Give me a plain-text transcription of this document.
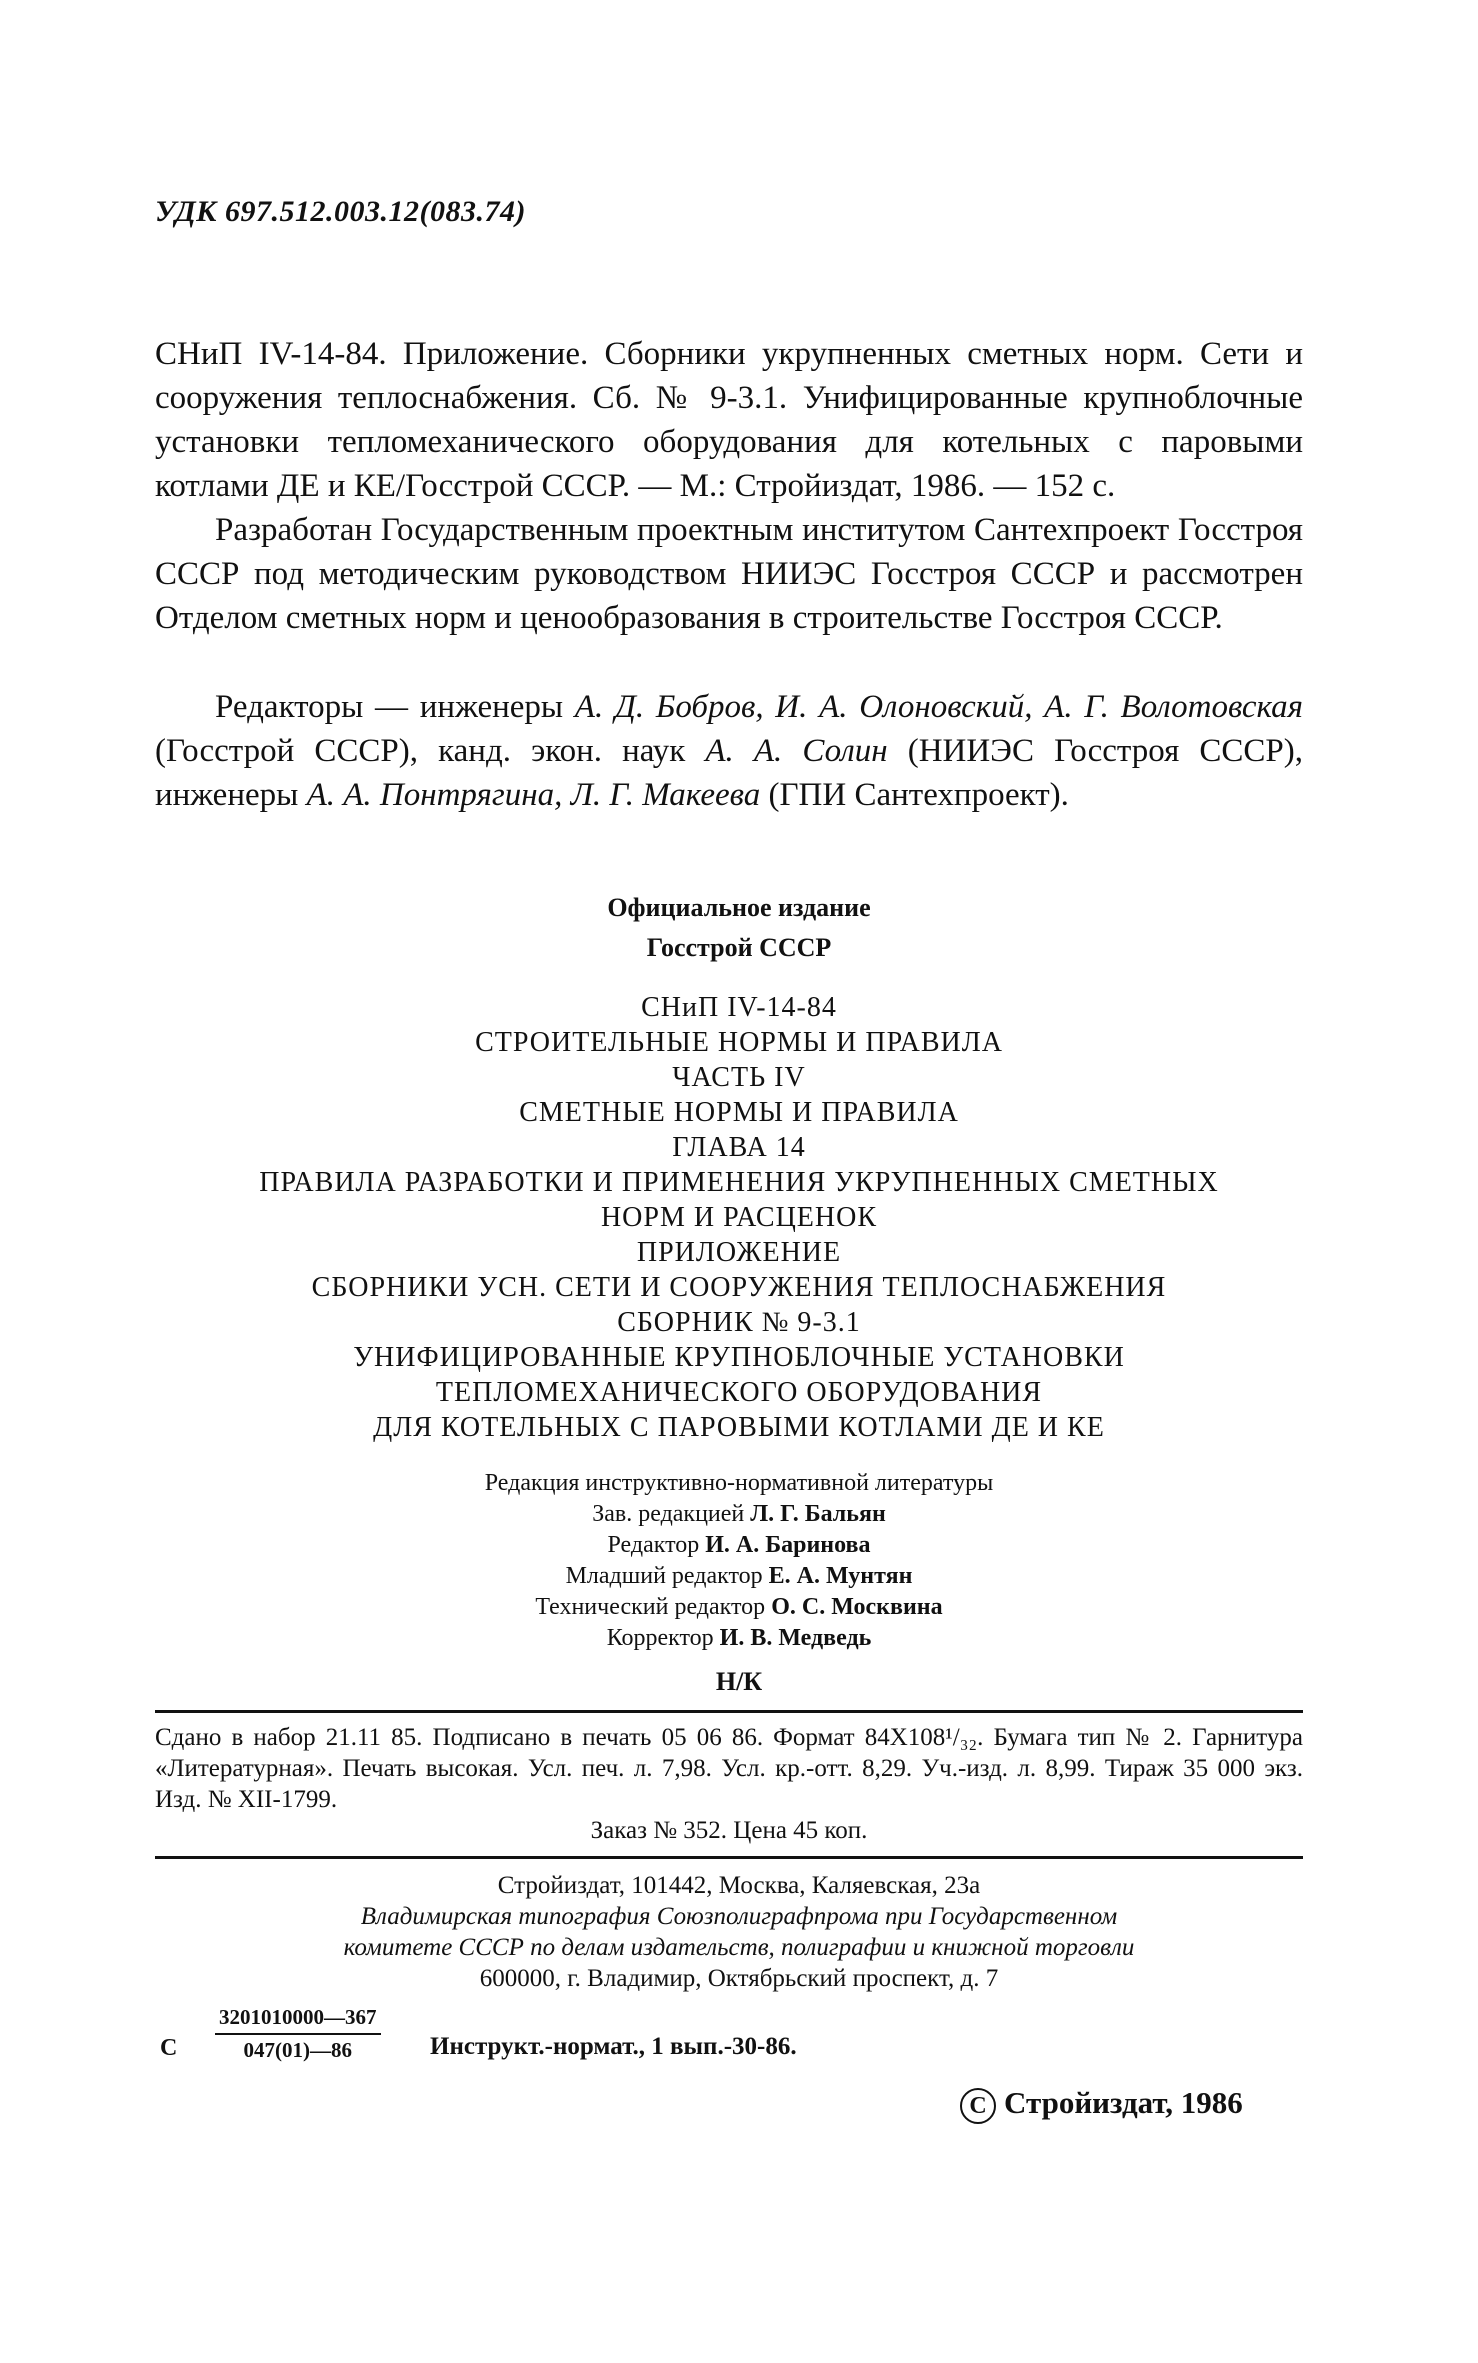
УДК 697.512.003.12(083.74)

СНиП IV-14-84. Приложение. Сборники укрупненных сметных норм. Сети и сооружения теплоснабжения. Сб. № 9-3.1. Унифицированные крупноблочные установки тепломеханического оборудования для котельных с паровыми котлами ДЕ и КЕ/Госстрой СССР. — М.: Стройиздат, 1986. — 152 с.

Разработан Государственным проектным институтом Сантехпроект Госстроя СССР под методическим руководством НИИЭС Госстроя СССР и рассмотрен Отделом сметных норм и ценообразования в строительстве Госстроя СССР.

Редакторы — инженеры А. Д. Бобров, И. А. Олоновский, А. Г. Волотовская (Госстрой СССР), канд. экон. наук А. А. Солин (НИИЭС Госстроя СССР), инженеры А. А. Понтрягина, Л. Г. Макеева (ГПИ Сантехпроект).

Официальное издание
Госстрой СССР
СНиП IV-14-84
СТРОИТЕЛЬНЫЕ НОРМЫ И ПРАВИЛА
ЧАСТЬ IV
СМЕТНЫЕ НОРМЫ И ПРАВИЛА
ГЛАВА 14
ПРАВИЛА РАЗРАБОТКИ И ПРИМЕНЕНИЯ УКРУПНЕННЫХ СМЕТНЫХ
НОРМ И РАСЦЕНОК
ПРИЛОЖЕНИЕ
СБОРНИКИ УСН. СЕТИ И СООРУЖЕНИЯ ТЕПЛОСНАБЖЕНИЯ
СБОРНИК № 9-3.1
УНИФИЦИРОВАННЫЕ КРУПНОБЛОЧНЫЕ УСТАНОВКИ
ТЕПЛОМЕХАНИЧЕСКОГО ОБОРУДОВАНИЯ
ДЛЯ КОТЕЛЬНЫХ С ПАРОВЫМИ КОТЛАМИ ДЕ И КЕ
Редакция инструктивно-нормативной литературы
Зав. редакцией Л. Г. Бальян
Редактор И. А. Баринова
Младший редактор Е. А. Мунтян
Технический редактор О. С. Москвина
Корректор И. В. Медведь
Н/К
Сдано в набор 21.11 85. Подписано в печать 05 06 86. Формат 84X108¹/₃₂. Бумага тип № 2. Гарнитура «Литературная». Печать высокая. Усл. печ. л. 7,98. Усл. кр.-отт. 8,29. Уч.-изд. л. 8,99. Тираж 35 000 экз. Изд. № XII-1799.
Заказ № 352. Цена 45 коп.
Стройиздат, 101442, Москва, Каляевская, 23а
Владимирская типография Союзполиграфпрома при Государственном
комитете СССР по делам издательств, полиграфии и книжной торговли
600000, г. Владимир, Октябрьский проспект, д. 7
С $\frac{3201010000—367}{047(01)—86}$ Инструкт.-нормат., 1 вып.-30-86.
C Стройиздат, 1986
